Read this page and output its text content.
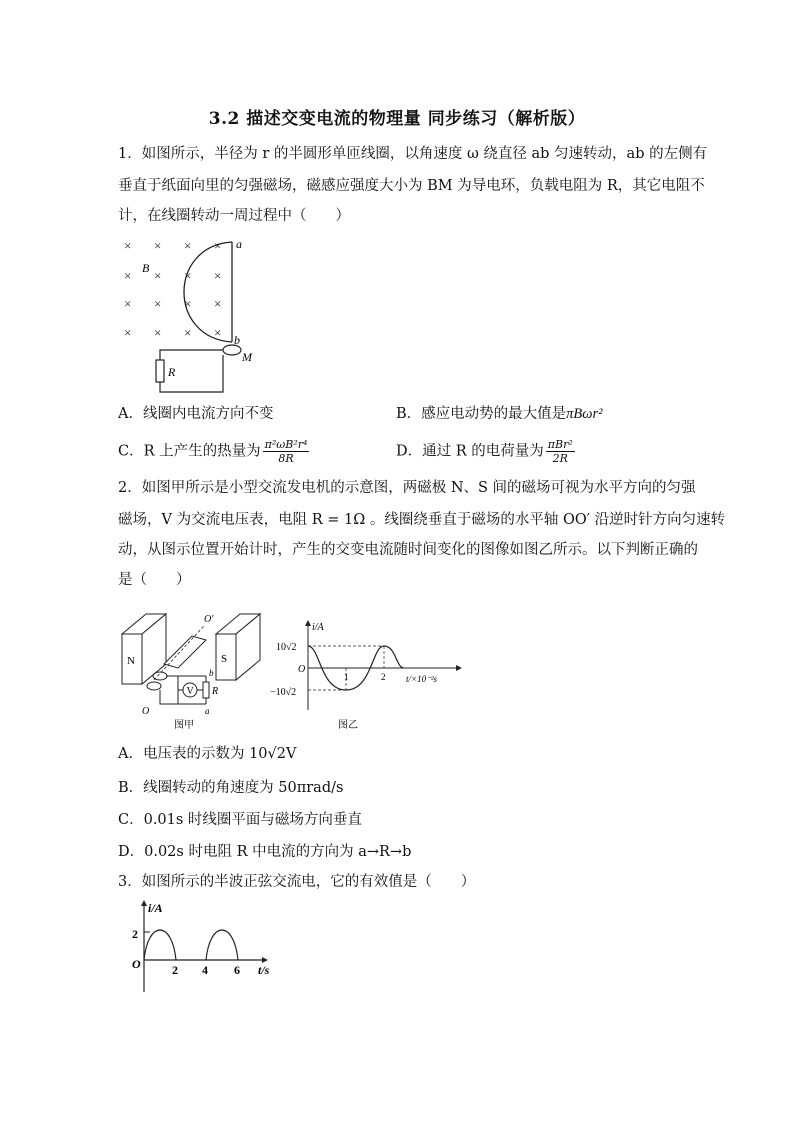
3.2 描述交变电流的物理量 同步练习（解析版）
1．如图所示，半径为 r 的半圆形单匝线圈，以角速度 ω 绕直径 ab 匀速转动，ab 的左侧有
垂直于纸面向里的匀强磁场，磁感应强度大小为 BM 为导电环，负载电阻为 R，其它电阻不
计，在线圈转动一周过程中（　　）
× × × ×
× × × ×
× × × ×
× × × ×
B
a
b
M
R
A．线圈内电流方向不变	B．感应电动势的最大值是πBωr²
C．R 上产生的热量为 $\frac{\text{π²ωB²r⁴}}{8R}$	D．通过 R 的电荷量为 $\frac{\text{πBr²}}{2R}$
2．如图甲所示是小型交流发电机的示意图，两磁极 N、S 间的磁场可视为水平方向的匀强
磁场，V 为交流电压表，电阻 R = 1Ω 。线圈绕垂直于磁场的水平轴 OO′ 沿逆时针方向匀速转
动，从图示位置开始计时，产生的交变电流随时间变化的图像如图乙所示。以下判断正确的
是（　　）
N	S
O′
O
V R
b
a
图甲
i/A
O
10√2
−10√2
1	2 t/×10⁻²s
图乙
A．电压表的示数为 10√2V
B．线圈转动的角速度为 50πrad/s
C．0.01s 时线圈平面与磁场方向垂直
D．0.02s 时电阻 R 中电流的方向为 a→R→b
3．如图所示的半波正弦交流电，它的有效值是（　　）
i/A
O
2
2 4 6 t/s
